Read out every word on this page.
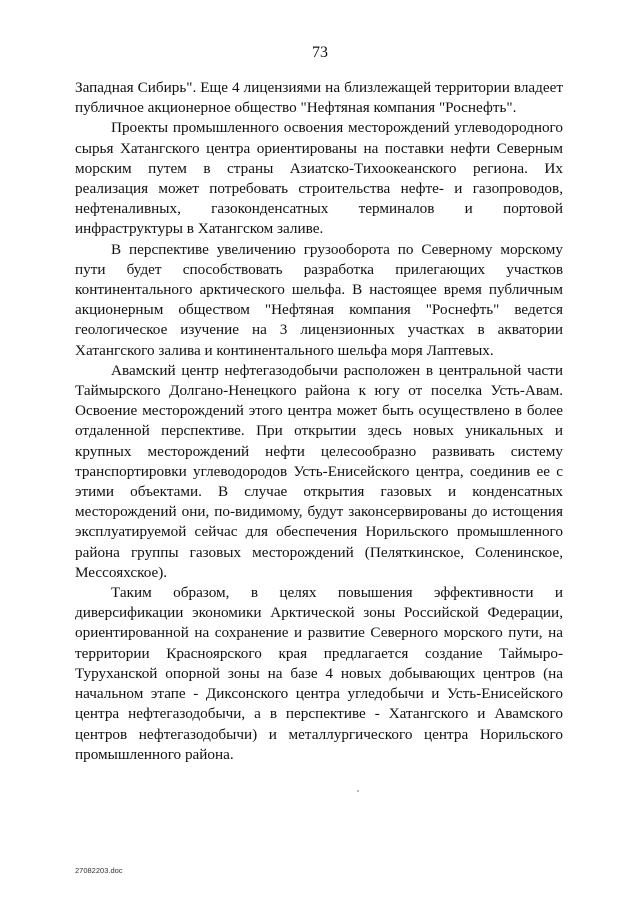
73

Западная Сибирь". Еще 4 лицензиями на близлежащей территории владеет публичное акционерное общество "Нефтяная компания "Роснефть".

Проекты промышленного освоения месторождений углеводородного сырья Хатангского центра ориентированы на поставки нефти Северным морским путем в страны Азиатско-Тихоокеанского региона. Их реализация может потребовать строительства нефте- и газопроводов, нефтеналивных, газоконденсатных терминалов и портовой инфраструктуры в Хатангском заливе.

В перспективе увеличению грузооборота по Северному морскому пути будет способствовать разработка прилегающих участков континентального арктического шельфа. В настоящее время публичным акционерным обществом "Нефтяная компания "Роснефть" ведется геологическое изучение на 3 лицензионных участках в акватории Хатангского залива и континентального шельфа моря Лаптевых.

Авамский центр нефтегазодобычи расположен в центральной части Таймырского Долгано-Ненецкого района к югу от поселка Усть-Авам. Освоение месторождений этого центра может быть осуществлено в более отдаленной перспективе. При открытии здесь новых уникальных и крупных месторождений нефти целесообразно развивать систему транспортировки углеводородов Усть-Енисейского центра, соединив ее с этими объектами. В случае открытия газовых и конденсатных месторождений они, по-видимому, будут законсервированы до истощения эксплуатируемой сейчас для обеспечения Норильского промышленного района группы газовых месторождений (Пеляткинское, Соленинское, Мессояхское).

Таким образом, в целях повышения эффективности и диверсификации экономики Арктической зоны Российской Федерации, ориентированной на сохранение и развитие Северного морского пути, на территории Красноярского края предлагается создание Таймыро-Туруханской опорной зоны на базе 4 новых добывающих центров (на начальном этапе - Диксонского центра угледобычи и Усть-Енисейского центра нефтегазодобычи, а в перспективе - Хатангского и Авамского центров нефтегазодобычи) и металлургического центра Норильского промышленного района.

27082203.doc
